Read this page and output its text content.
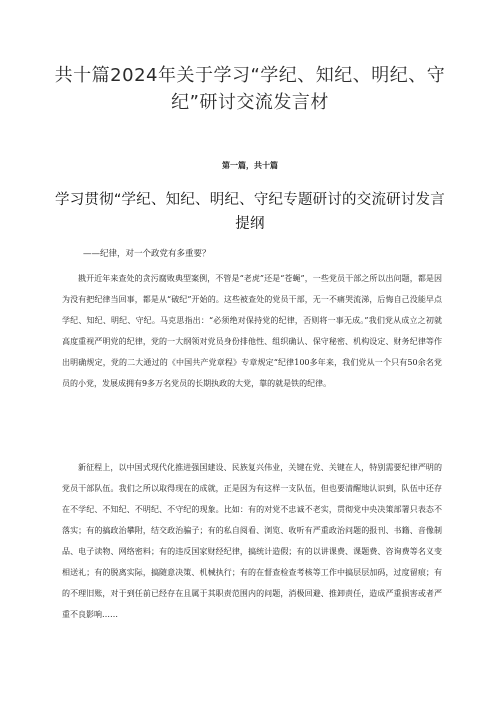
共十篇2024年关于学习“学纪、知纪、明纪、守纪”研讨交流发言材
第一篇，共十篇
学习贯彻“学纪、知纪、明纪、守纪专题研讨的交流研讨发言提纲
——纪律，对一个政党有多重要？

戡开近年来查处的贪污腐败典型案例，不管是“老虎”还是“苍蝇”，一些党员干部之所以出问题，都是因为没有把纪律当回事，都是从“破纪”开始的。这些被查处的党员干部，无一不痛哭流涕，后悔自己没能早点学纪、知纪、明纪、守纪。马克思指出：“必须绝对保持党的纪律，否则将一事无成。”我们党从成立之初就高度重视严明党的纪律，党的一大纲领对党员身份排他性、组织确认、保守秘密、机构设定、财务纪律等作出明确规定，党的二大通过的《中国共产党章程》专章规定“纪律100多年来，我们党从一个只有50余名党员的小党，发展成拥有9多万名党员的长期执政的大党，靠的就是铁的纪律。

新征程上，以中国式现代化推进强国建设、民族复兴伟业，关键在党、关键在人，特别需要纪律严明的党员干部队伍。我们之所以取得现在的成就，正是因为有这样一支队伍，但也要清醒地认识到，队伍中还存在不学纪、不知纪、不明纪、不守纪的现象。比如：有的对党不忠诚不老实，贯彻党中央决策部署只表态不落实；有的搞政治攀附，结交政治骗子；有的私自阅看、浏览、收听有严重政治问题的报刊、书籍、音像制品、电子读物、网络密料；有的违反国家财经纪律，搞统计造假；有的以讲课费、课题费、咨询费等名义变相送礼；有的脱离实际，搞随意决策、机械执行；有的在督查检查考核等工作中搞层层加码，过度留痕；有的不理旧账，对于到任前已经存在且属于其职责范围内的问题，消极回避、推卸责任，造成严重损害或者严重不良影响……
